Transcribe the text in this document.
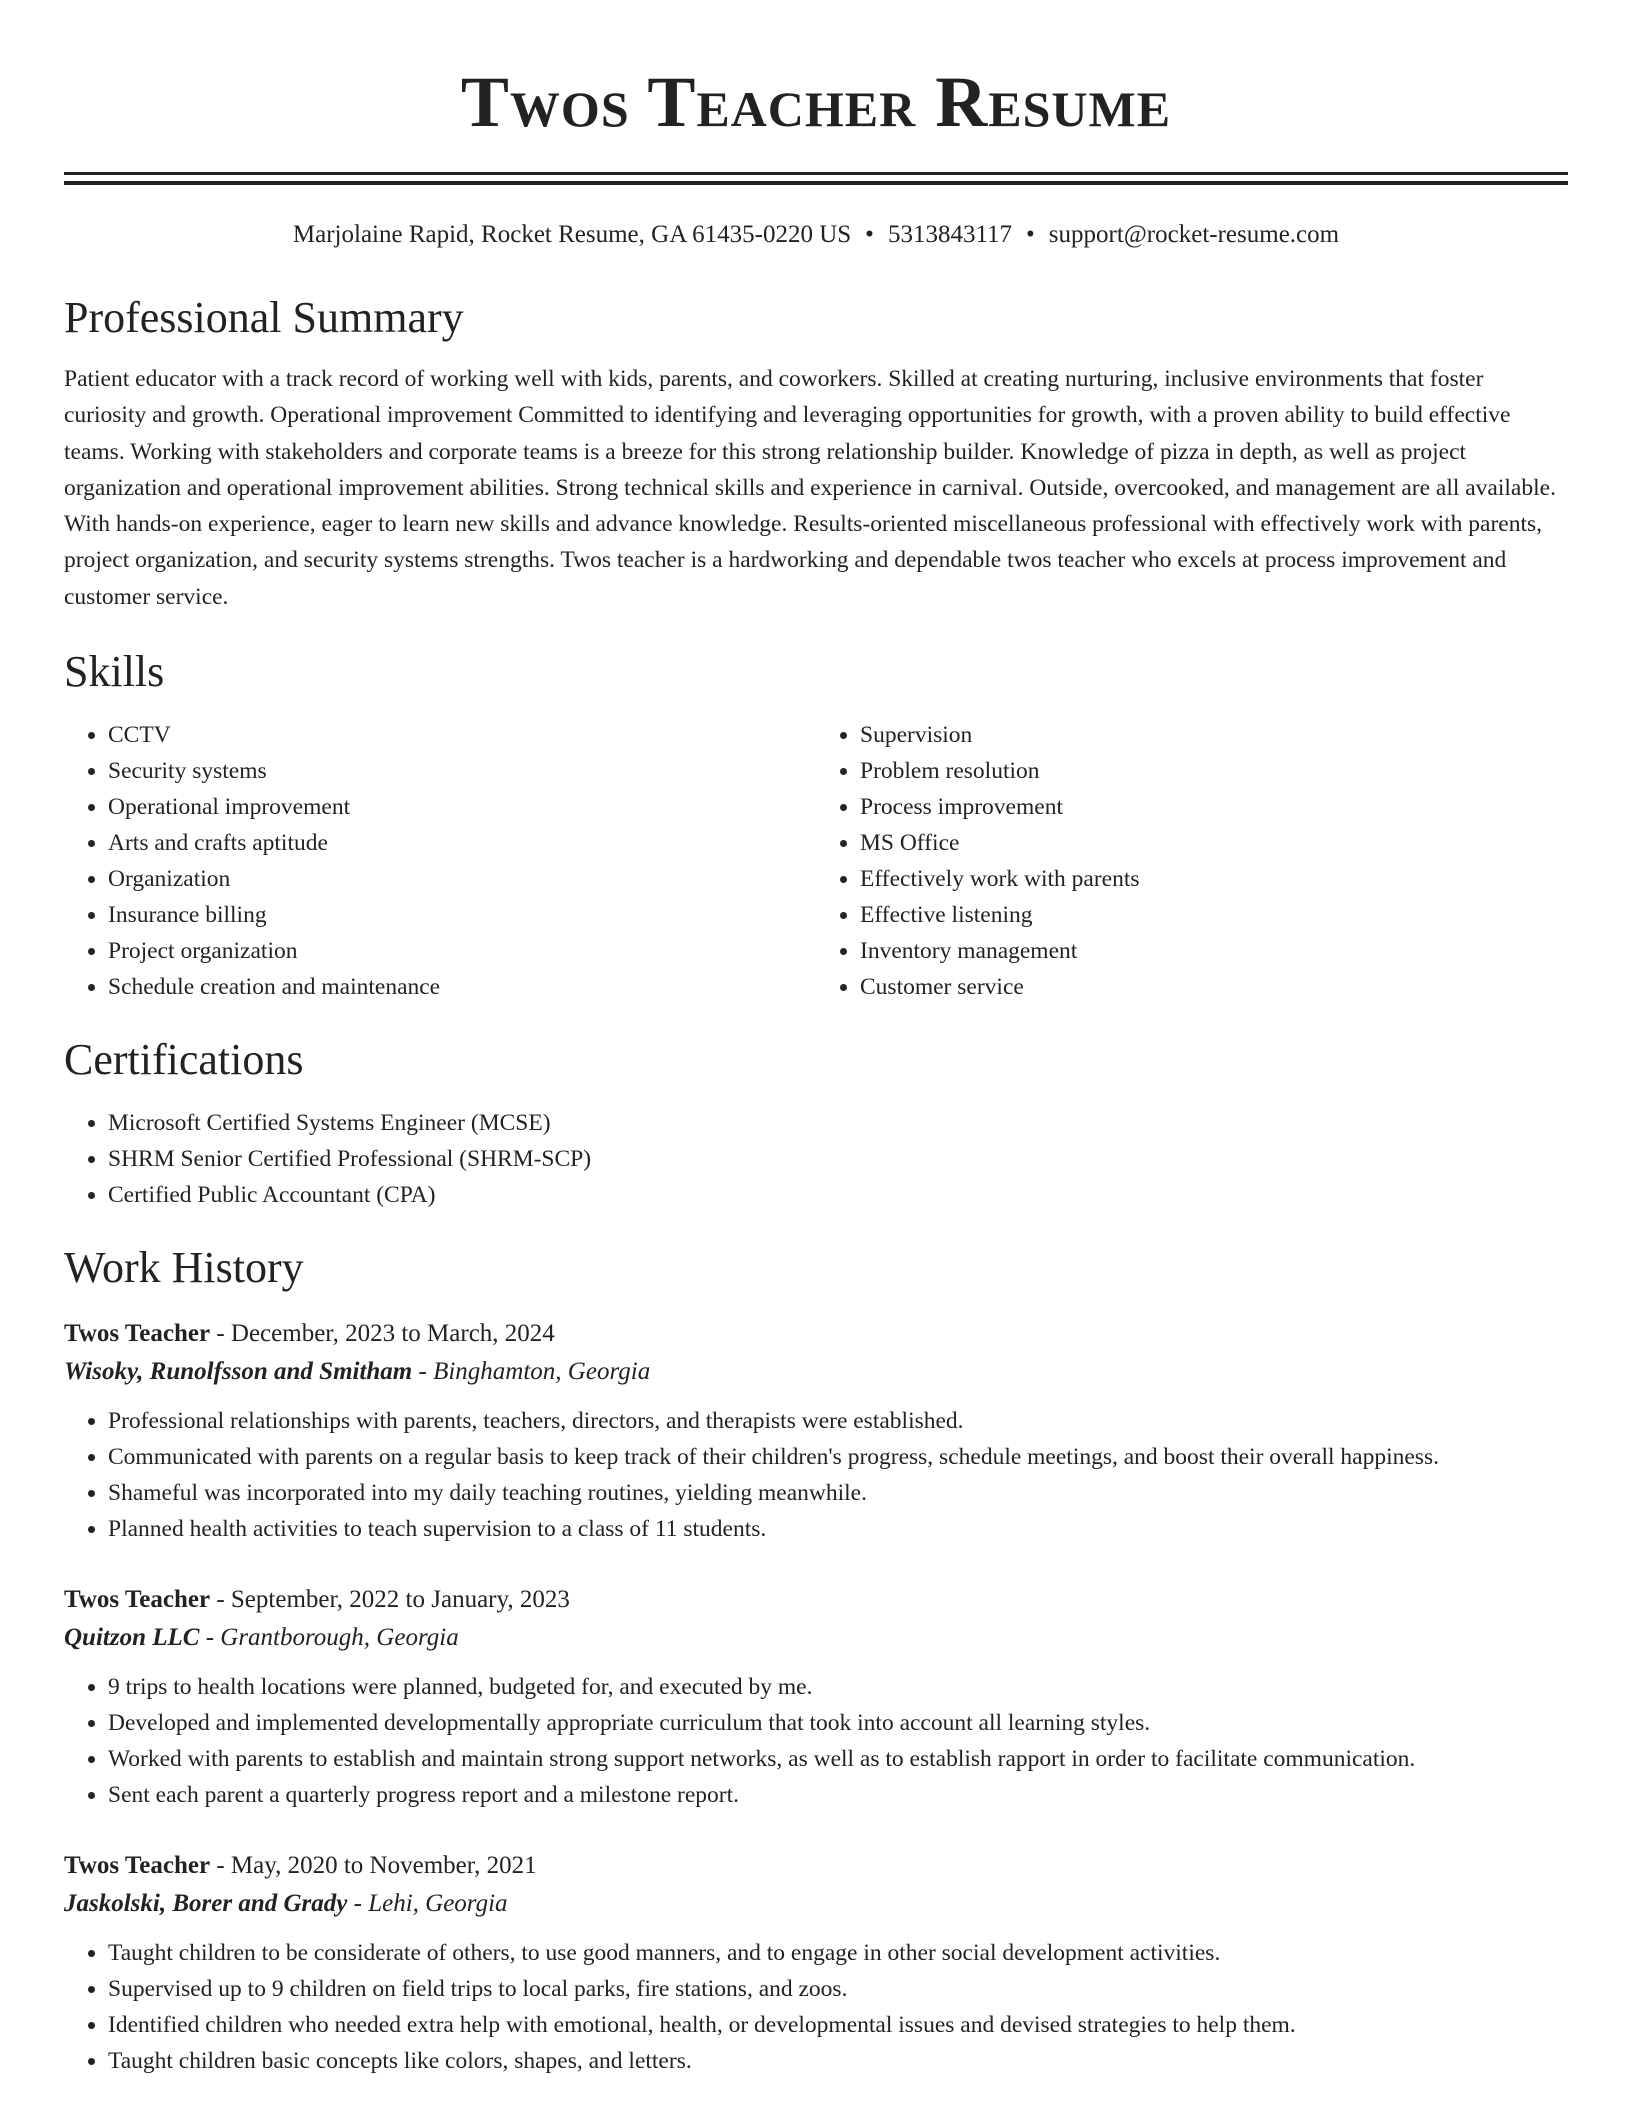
Twos Teacher Resume
Marjolaine Rapid, Rocket Resume, GA 61435-0220 US • 5313843117 • support@rocket-resume.com
Professional Summary

Patient educator with a track record of working well with kids, parents, and coworkers. Skilled at creating nurturing, inclusive environments that foster curiosity and growth. Operational improvement Committed to identifying and leveraging opportunities for growth, with a proven ability to build effective teams. Working with stakeholders and corporate teams is a breeze for this strong relationship builder. Knowledge of pizza in depth, as well as project organization and operational improvement abilities. Strong technical skills and experience in carnival. Outside, overcooked, and management are all available. With hands-on experience, eager to learn new skills and advance knowledge. Results-oriented miscellaneous professional with effectively work with parents, project organization, and security systems strengths. Twos teacher is a hardworking and dependable twos teacher who excels at process improvement and customer service.

Skills
• CCTV
• Security systems
• Operational improvement
• Arts and crafts aptitude
• Organization
• Insurance billing
• Project organization
• Schedule creation and maintenance
• Supervision
• Problem resolution
• Process improvement
• MS Office
• Effectively work with parents
• Effective listening
• Inventory management
• Customer service
Certifications
• Microsoft Certified Systems Engineer (MCSE)
• SHRM Senior Certified Professional (SHRM-SCP)
• Certified Public Accountant (CPA)
Work History
Twos Teacher - December, 2023 to March, 2024
Wisoky, Runolfsson and Smitham - Binghamton, Georgia
• Professional relationships with parents, teachers, directors, and therapists were established.
• Communicated with parents on a regular basis to keep track of their children's progress, schedule meetings, and boost their overall happiness.
• Shameful was incorporated into my daily teaching routines, yielding meanwhile.
• Planned health activities to teach supervision to a class of 11 students.
Twos Teacher - September, 2022 to January, 2023
Quitzon LLC - Grantborough, Georgia
• 9 trips to health locations were planned, budgeted for, and executed by me.
• Developed and implemented developmentally appropriate curriculum that took into account all learning styles.
• Worked with parents to establish and maintain strong support networks, as well as to establish rapport in order to facilitate communication.
• Sent each parent a quarterly progress report and a milestone report.
Twos Teacher - May, 2020 to November, 2021
Jaskolski, Borer and Grady - Lehi, Georgia
• Taught children to be considerate of others, to use good manners, and to engage in other social development activities.
• Supervised up to 9 children on field trips to local parks, fire stations, and zoos.
• Identified children who needed extra help with emotional, health, or developmental issues and devised strategies to help them.
• Taught children basic concepts like colors, shapes, and letters.
